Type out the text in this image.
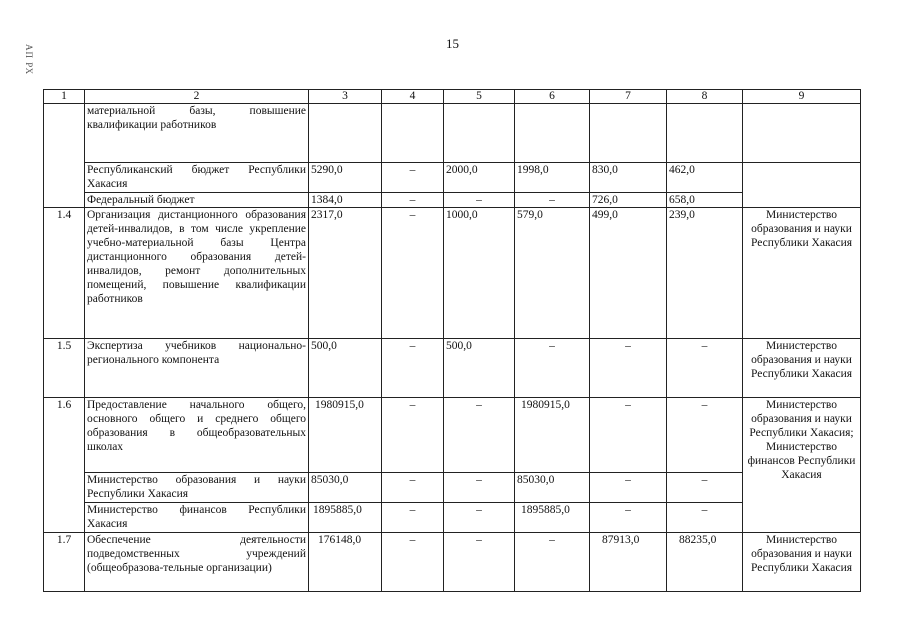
АП РХ
15
1	2	3	4	5	6	7	8	9
	материальной базы, повышение квалификации работников							
	Республиканский бюджет Республики Хакасия	5290,0	–	2000,0	1998,0	830,0	462,0	
	Федеральный бюджет	1384,0	–	–	–	726,0	658,0	
1.4	Организация дистанционного образования детей-инвалидов, в том числе укрепление учебно-материальной базы Центра дистанционного образования детей-инвалидов, ремонт дополнительных помещений, повышение квалификации работников	2317,0	–	1000,0	579,0	499,0	239,0	Министерство образования и науки Республики Хакасия
1.5	Экспертиза учебников национально-регионального компонента	500,0	–	500,0	–	–	–	Министерство образования и науки Республики Хакасия
1.6	Предоставление начального общего, основного общего и среднего общего образования в общеобразовательных школах	1980915,0	–	–	1980915,0	–	–	Министерство образования и науки Республики Хакасия; Министерство финансов Республики Хакасия
	Министерство образования и науки Республики Хакасия	85030,0	–	–	85030,0	–	–	
	Министерство финансов Республики Хакасия	1895885,0	–	–	1895885,0	–	–	
1.7	Обеспечение деятельности подведомственных учреждений (общеобразова-тельные организации)	176148,0	–	–	–	87913,0	88235,0	Министерство образования и науки Республики Хакасия
